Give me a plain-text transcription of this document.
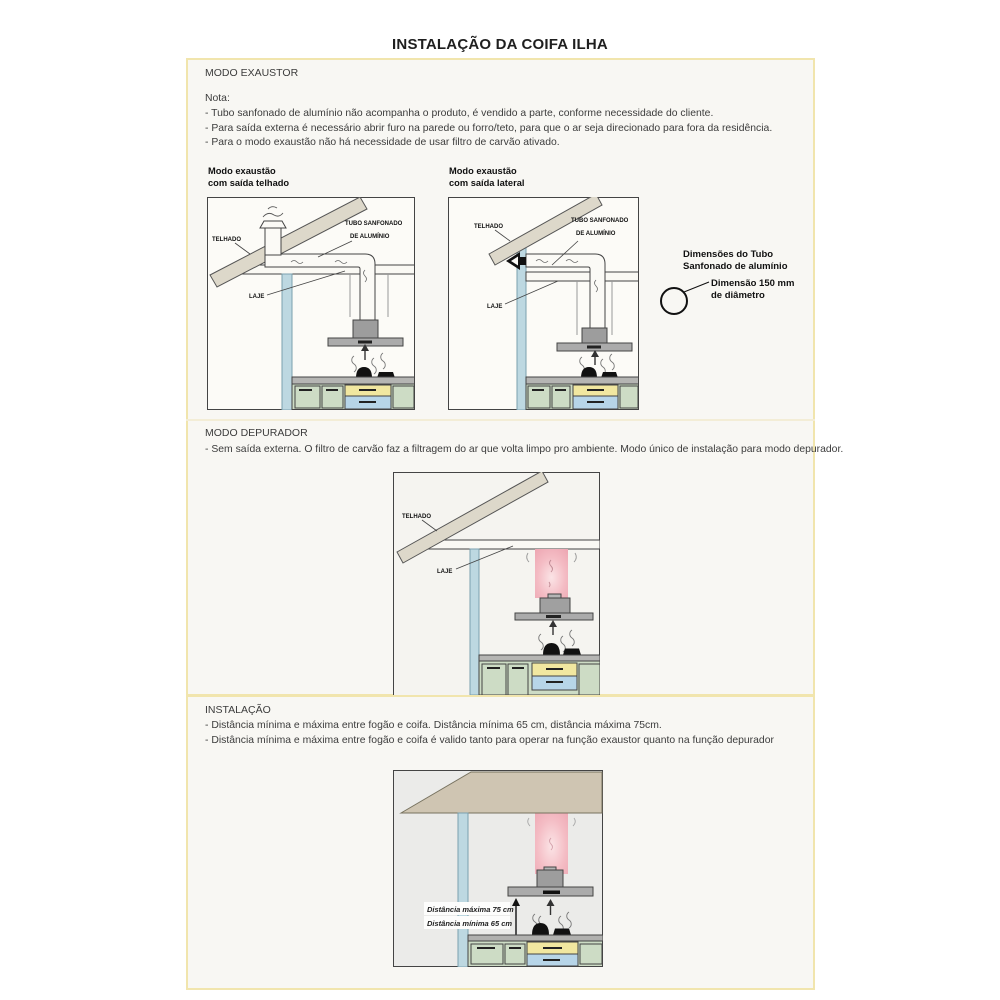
INSTALAÇÃO DA COIFA ILHA
MODO EXAUSTOR
Nota:
- Tubo sanfonado de alumínio não acompanha o produto, é vendido a parte, conforme necessidade do cliente.
- Para saída externa é necessário abrir furo na parede ou forro/teto, para que o ar seja direcionado para fora da residência.
- Para o modo exaustão não há necessidade de usar filtro de carvão ativado.
Modo exaustão
com saída telhado
Modo exaustão
com saída lateral
TELHADO
LAJE
TUBO SANFONADO
DE ALUMÍNIO
TELHADO
LAJE
TUBO SANFONADO
DE ALUMÍNIO
Dimensões do Tubo
Sanfonado de alumínio
Dimensão 150 mm
de diâmetro
MODO DEPURADOR
- Sem saída externa. O filtro de carvão faz a filtragem do ar que volta limpo pro ambiente. Modo único de instalação para modo depurador.
TELHADO
LAJE
INSTALAÇÃO
- Distância mínima e máxima entre fogão e coifa. Distância mínima 65 cm, distância máxima 75cm.
- Distância mínima e máxima entre fogão e coifa é valido tanto para operar na função exaustor quanto na função depurador
Distância máxima 75 cm
Distância mínima 65 cm
